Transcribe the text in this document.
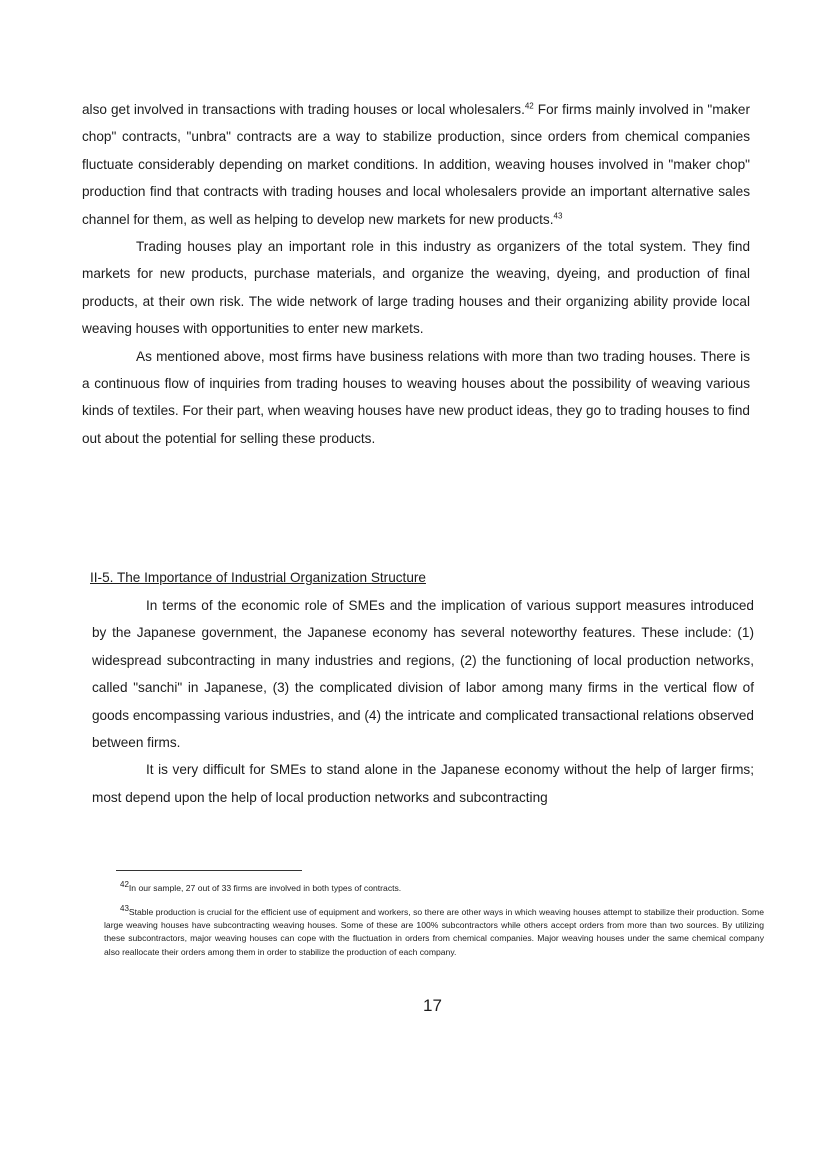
also get involved in transactions with trading houses or local wholesalers.$^{42}$ For firms mainly involved in "maker chop" contracts, "unbra" contracts are a way to stabilize production, since orders from chemical companies fluctuate considerably depending on market conditions. In addition, weaving houses involved in "maker chop" production find that contracts with trading houses and local wholesalers provide an important alternative sales channel for them, as well as helping to develop new markets for new products.$^{43}$

Trading houses play an important role in this industry as organizers of the total system. They find markets for new products, purchase materials, and organize the weaving, dyeing, and production of final products, at their own risk. The wide network of large trading houses and their organizing ability provide local weaving houses with opportunities to enter new markets.

As mentioned above, most firms have business relations with more than two trading houses. There is a continuous flow of inquiries from trading houses to weaving houses about the possibility of weaving various kinds of textiles. For their part, when weaving houses have new product ideas, they go to trading houses to find out about the potential for selling these products.

II-5. The Importance of Industrial Organization Structure

In terms of the economic role of SMEs and the implication of various support measures introduced by the Japanese government, the Japanese economy has several noteworthy features. These include: (1) widespread subcontracting in many industries and regions, (2) the functioning of local production networks, called "sanchi" in Japanese, (3) the complicated division of labor among many firms in the vertical flow of goods encompassing various industries, and (4) the intricate and complicated transactional relations observed between firms.

It is very difficult for SMEs to stand alone in the Japanese economy without the help of larger firms; most depend upon the help of local production networks and subcontracting

$^{42}$In our sample, 27 out of 33 firms are involved in both types of contracts.

$^{43}$Stable production is crucial for the efficient use of equipment and workers, so there are other ways in which weaving houses attempt to stabilize their production. Some large weaving houses have subcontracting weaving houses. Some of these are 100% subcontractors while others accept orders from more than two sources. By utilizing these subcontractors, major weaving houses can cope with the fluctuation in orders from chemical companies. Major weaving houses under the same chemical company also reallocate their orders among them in order to stabilize the production of each company.

17
